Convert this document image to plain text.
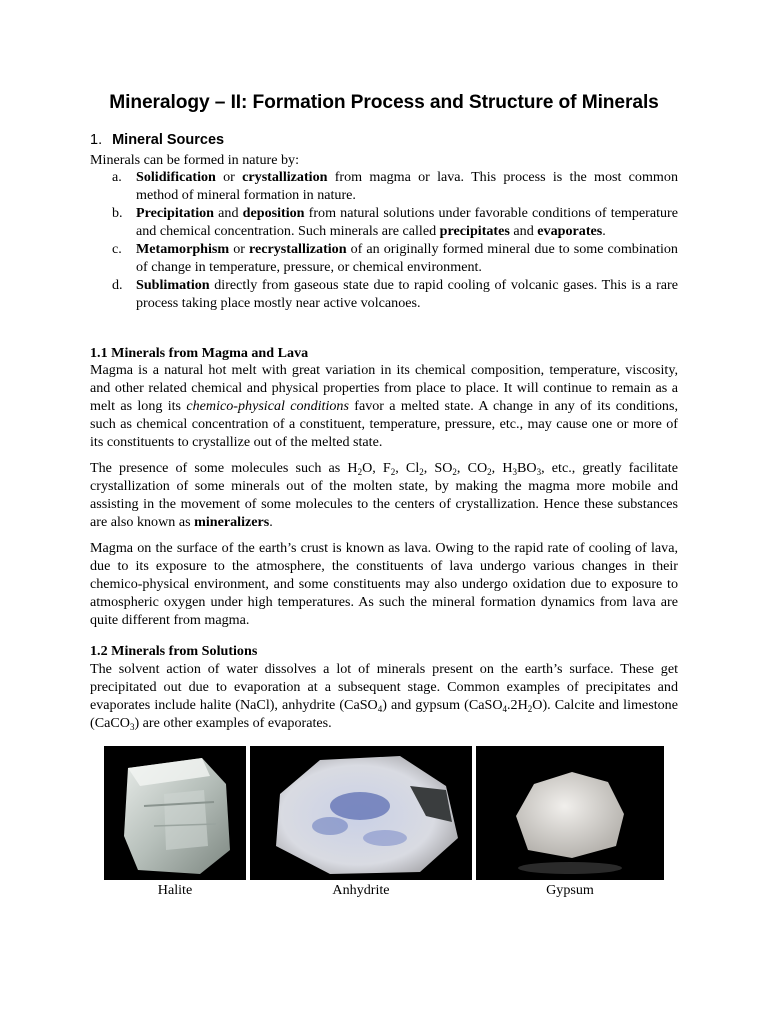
Mineralogy – II: Formation Process and Structure of Minerals
1. Mineral Sources

Minerals can be formed in nature by:

a. Solidification or crystallization from magma or lava. This process is the most common method of mineral formation in nature.
b. Precipitation and deposition from natural solutions under favorable conditions of temperature and chemical concentration. Such minerals are called precipitates and evaporates.
c. Metamorphism or recrystallization of an originally formed mineral due to some combination of change in temperature, pressure, or chemical environment.
d. Sublimation directly from gaseous state due to rapid cooling of volcanic gases. This is a rare process taking place mostly near active volcanoes.
1.1 Minerals from Magma and Lava

Magma is a natural hot melt with great variation in its chemical composition, temperature, viscosity, and other related chemical and physical properties from place to place. It will continue to remain as a melt as long its chemico-physical conditions favor a melted state. A change in any of its conditions, such as chemical concentration of a constituent, temperature, pressure, etc., may cause one or more of its constituents to crystallize out of the melted state.

The presence of some molecules such as $H_2O$, $F_2$, $Cl_2$, $SO_2$, $CO_2$, $H_3BO_3$, etc., greatly facilitate crystallization of some minerals out of the molten state, by making the magma more mobile and assisting in the movement of some molecules to the centers of crystallization. Hence these substances are also known as mineralizers.

Magma on the surface of the earth’s crust is known as lava. Owing to the rapid rate of cooling of lava, due to its exposure to the atmosphere, the constituents of lava undergo various changes in their chemico-physical environment, and some constituents may also undergo oxidation due to exposure to atmospheric oxygen under high temperatures. As such the mineral formation dynamics from lava are quite different from magma.

1.2 Minerals from Solutions

The solvent action of water dissolves a lot of minerals present on the earth’s surface. These get precipitated out due to evaporation at a subsequent stage. Common examples of precipitates and evaporates include halite (NaCl), anhydrite (CaSO$_4$) and gypsum $(CaSO_4.2H_2O)$. Calcite and limestone (CaCO$_3$) are other examples of evaporates.

Halite	Anhydrite	Gypsum
